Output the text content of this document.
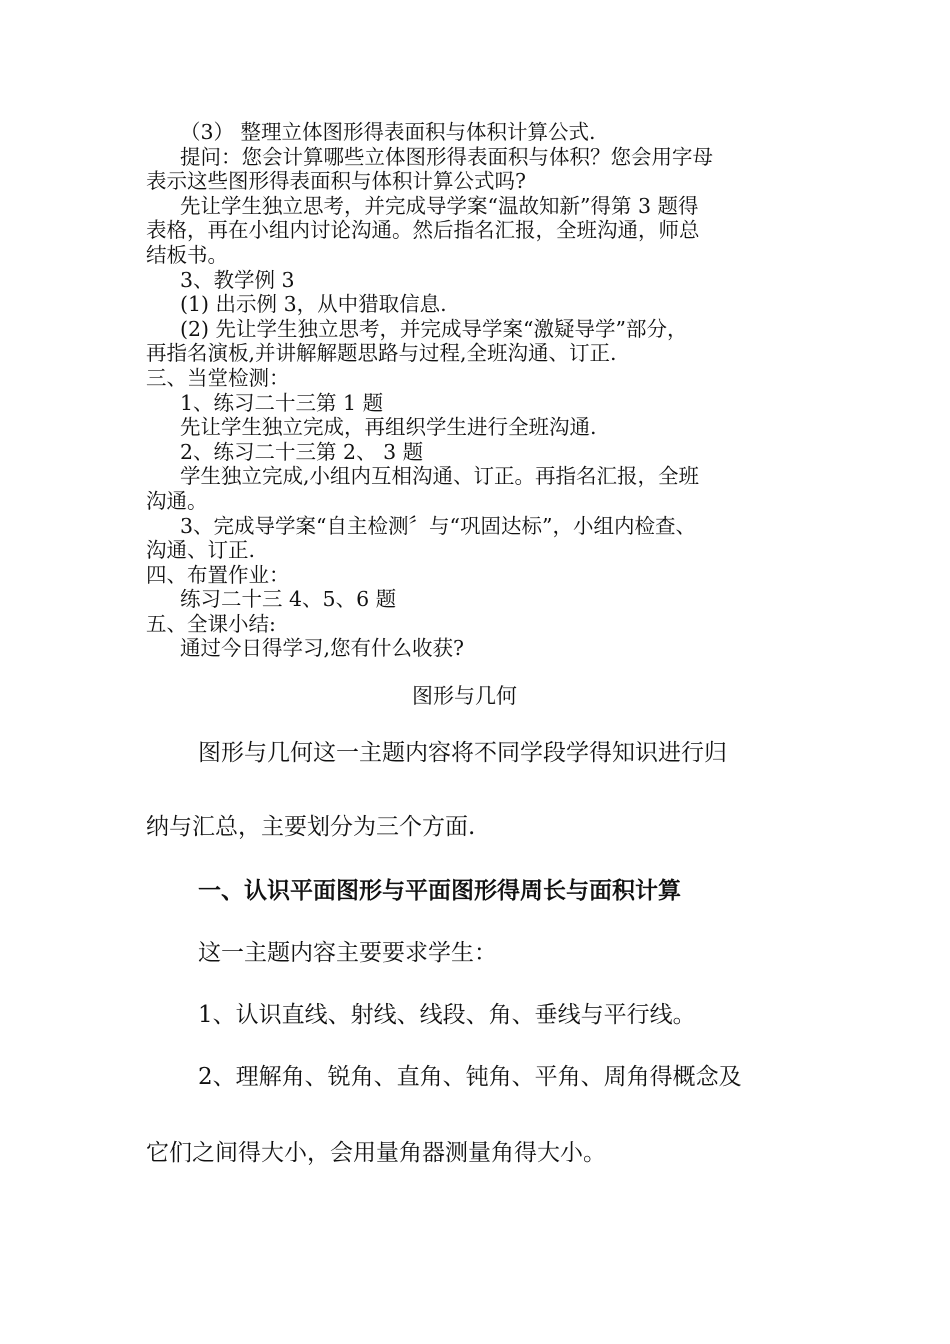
（3） 整理立体图形得表面积与体积计算公式.

提问：您会计算哪些立体图形得表面积与体积？您会用字母

表示这些图形得表面积与体积计算公式吗?

先让学生独立思考，并完成导学案“温故知新”得第 3 题得

表格，再在小组内讨论沟通。然后指名汇报，全班沟通，师总

结板书。

3、教学例 3

(1) 出示例 3，从中猎取信息.

(2) 先让学生独立思考，并完成导学案“激疑导学”部分，

再指名演板,并讲解解题思路与过程,全班沟通、订正.

三、当堂检测：

1、练习二十三第 1 题

先让学生独立完成，再组织学生进行全班沟通.

2、练习二十三第 2、 3 题

学生独立完成,小组内互相沟通、订正。再指名汇报，全班

沟通。

3、完成导学案“自主检测〞与“巩固达标”，小组内检查、

沟通、订正.

四、布置作业：

练习二十三 4、5、6 题

五、全课小结:

通过今日得学习,您有什么收获?

图形与几何

图形与几何这一主题内容将不同学段学得知识进行归

纳与汇总，主要划分为三个方面.

一、认识平面图形与平面图形得周长与面积计算

这一主题内容主要要求学生：

1、认识直线、射线、线段、角、垂线与平行线。

2、理解角、锐角、直角、钝角、平角、周角得概念及

它们之间得大小，会用量角器测量角得大小。
